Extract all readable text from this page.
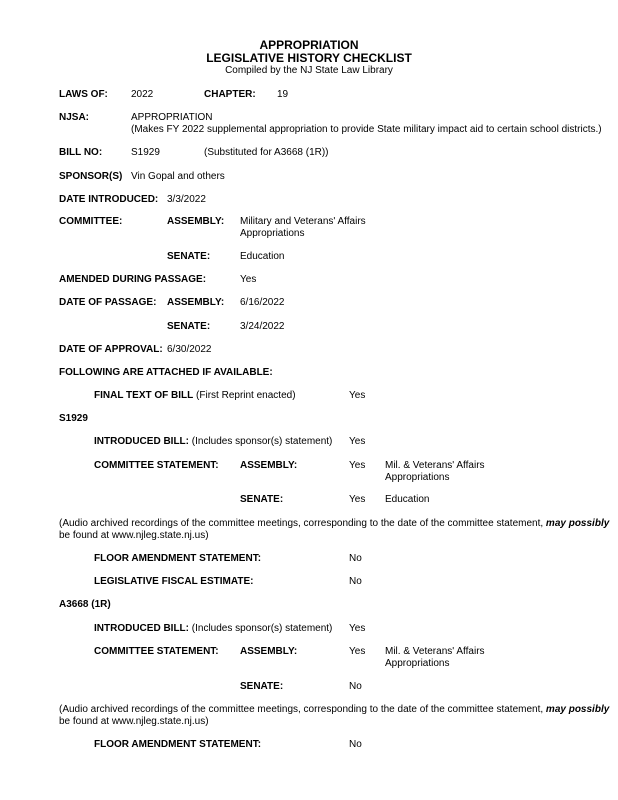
APPROPRIATION
LEGISLATIVE HISTORY CHECKLIST
Compiled by the NJ State Law Library
LAWS OF: 2022	CHAPTER: 19
NJSA:	APPROPRIATION
(Makes FY 2022 supplemental appropriation to provide State military impact aid to certain school districts.)
BILL NO:	S1929	(Substituted for A3668 (1R))
SPONSOR(S) Vin Gopal and others
DATE INTRODUCED: 3/3/2022
COMMITTEE:	ASSEMBLY: Military and Veterans' Affairs
Appropriations
SENATE:	Education
AMENDED DURING PASSAGE:	Yes
DATE OF PASSAGE: ASSEMBLY: 6/16/2022
SENATE:	3/24/2022
DATE OF APPROVAL: 6/30/2022
FOLLOWING ARE ATTACHED IF AVAILABLE:
FINAL TEXT OF BILL (First Reprint enacted)	Yes
S1929
INTRODUCED BILL: (Includes sponsor(s) statement) Yes
COMMITTEE STATEMENT: ASSEMBLY:	Yes Mil. & Veterans' Affairs
Appropriations
SENATE:	Yes Education
(Audio archived recordings of the committee meetings, corresponding to the date of the committee statement, may possibly
be found at www.njleg.state.nj.us)
FLOOR AMENDMENT STATEMENT:	No
LEGISLATIVE FISCAL ESTIMATE:	No
A3668 (1R)
INTRODUCED BILL: (Includes sponsor(s) statement) Yes
COMMITTEE STATEMENT: ASSEMBLY:	Yes Mil. & Veterans' Affairs
Appropriations
SENATE:	No
(Audio archived recordings of the committee meetings, corresponding to the date of the committee statement, may possibly
be found at www.njleg.state.nj.us)
FLOOR AMENDMENT STATEMENT:	No
